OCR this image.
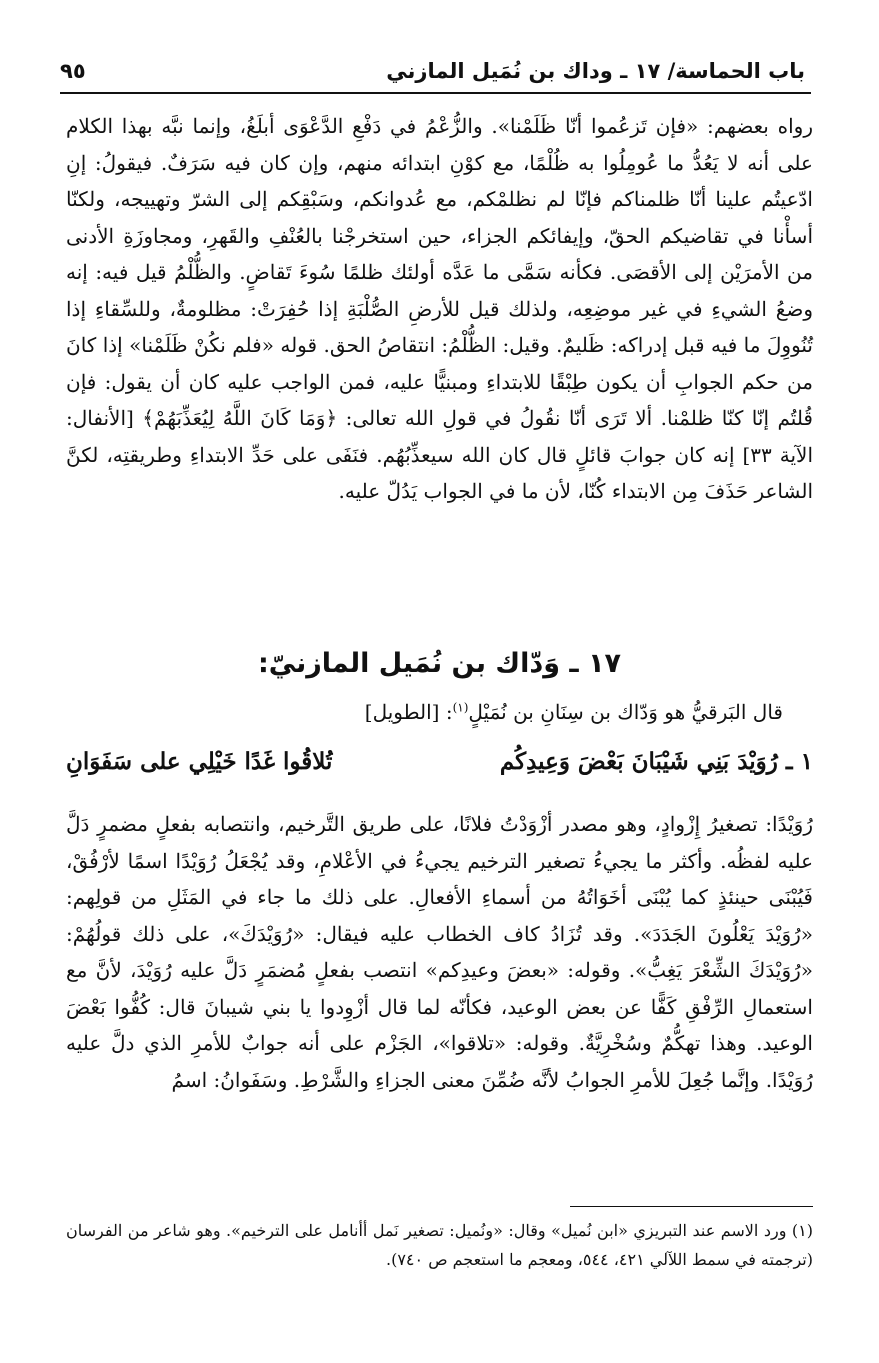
٩٥	باب الحماسة/ ١٧ ـ وداك بن نُمَيل المازني

رواه بعضهم: «فإن تَزعُموا أنّا ظَلَمْنا». والزُّعْمُ في دَفْعِ الدَّعْوَى أبلَغُ، وإنما نبَّه بهذا الكلام على أنه لا يَعُدُّ ما عُومِلُوا به ظُلْمًا، مع كوْنِ ابتدائه منهم، وإن كان فيه سَرَفٌ. فيقولُ: إنِ ادّعيتُم علينا أنّا ظلمناكم فإنّا لم نظلمْكم، مع عُدوانكم، وسَبْقِكم إلى الشرّ وتهييجه، ولكنّا أسأْنا في تقاضيكم الحقّ، وإيفائكم الجزاء، حين استخرجْنا بالعُنْفِ والقَهرِ، ومجاوزَةِ الأدنى من الأمرَيْن إلى الأقصَى. فكأنه سَمَّى ما عَدَّه أولئك ظلمًا سُوءَ تَقاضٍ. والظُّلْمُ قيل فيه: إنه وضعُ الشيءِ في غير موضِعِه، ولذلك قيل للأرضِ الصُّلْبَةِ إذا حُفِرَتْ: مظلومةٌ، وللسِّقاءِ إذا تُنُووِلَ ما فيه قبل إدراكه: ظَليمٌ. وقيل: الظُّلْمُ: انتقاصُ الحق. قوله «فلم نكُنْ ظَلَمْنا» إذا كانَ من حكم الجوابِ أن يكون طِبْقًا للابتداءِ ومبنيًّا عليه، فمن الواجب عليه كان أن يقول: فإن قُلتُم إنّا كنّا ظلمْنا. ألا تَرَى أنّا نقُولُ في قولِ الله تعالى: ﴿وَمَا كَانَ اللَّهُ لِيُعَذِّبَهُمْ﴾ [الأنفال: الآية ٣٣] إنه كان جوابَ قائلٍ قال كان الله سيعذِّبُهُم. فنَفَى على حَدِّ الابتداءِ وطريقتِه، لكنَّ الشاعر حَذَفَ مِن الابتداء كُنّا، لأن ما في الجواب يَدُلّ عليه.

١٧ ـ وَدّاك بن نُمَيل المازنيّ:
قال البَرقيُّ هو وَدّاك بن سِنَانِ بن نُمَيْلٍ$^{(١)}$: [الطويل]
١ ـ رُوَيْدَ بَنِي شَيْبَانَ بَعْضَ وَعِيدِكُم
تُلاقُوا غَدًا خَيْلِي على سَفَوَانِ

رُوَيْدًا: تصغيرُ إِزْوادٍ، وهو مصدر أزْوَدْتُ فلانًا، على طريق التَّرخيم، وانتصابه بفعلٍ مضمرٍ دَلَّ عليه لفظُه. وأكثر ما يجيءُ تصغير الترخيم يجيءُ في الأعْلامِ، وقد يُجْعَلُ رُوَيْدًا اسمًا لأرْفُقْ، فَيُبْنَى حينئذٍ كما يُبْنَى أخَوَاتُهُ من أسماءِ الأفعالِ. على ذلك ما جاء في المَثَلِ من قولِهم: «رُوَيْدَ يَعْلُونَ الجَدَدَ». وقد تُزَادُ كاف الخطاب عليه فيقال: «رُوَيْدَكَ»، على ذلك قولُهُمْ: «رُوَيْدَكَ الشِّعْرَ يَغِبُّ». وقوله: «بعضَ وعيدِكم» انتصب بفعلٍ مُضمَرٍ دَلَّ عليه رُوَيْدَ، لأنَّ مع استعمالِ الرِّفْقِ كَفًّا عن بعض الوعيد، فكأنّه لما قال أزْوِدوا يا بني شيبانَ قال: كُفُّوا بَعْضَ الوعيد. وهذا تهكُّمٌ وسُخْرِيَّةٌ. وقوله: «تلاقوا»، الجَزْم على أنه جوابٌ للأمرِ الذي دلَّ عليه رُوَيْدًا. وإنَّما جُعِلَ للأمرِ الجوابُ لأنَّه ضُمِّنَ معنى الجزاءِ والشَّرْطِ. وسَفَوانُ: اسمُ

(١) ورد الاسم عند التبريزي «ابن نُميل» وقال: «ونُميل: تصغير نَمل أأنامل على الترخيم». وهو شاعر من الفرسان (ترجمته في سمط اللآلي ٤٢١، ٥٤٤، ومعجم ما استعجم ص ٧٤٠).
